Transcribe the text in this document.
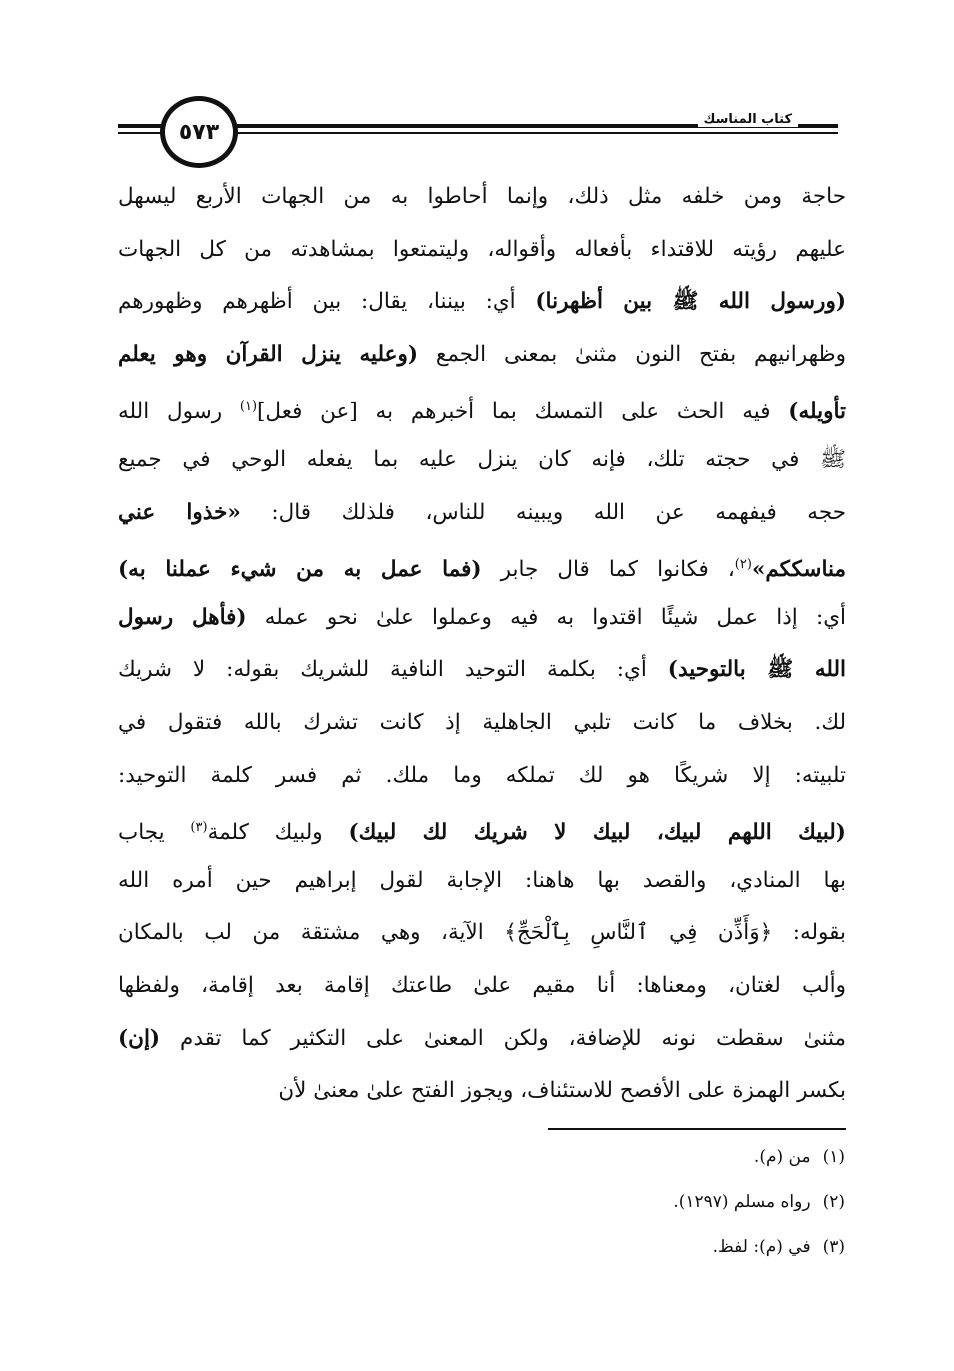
كتاب المناسك
٥٧٣
حاجة ومن خلفه مثل ذلك، وإنما أحاطوا به من الجهات الأربع ليسهل
عليهم رؤيته للاقتداء بأفعاله وأقواله، وليتمتعوا بمشاهدته من كل الجهات
(ورسول الله ﷺ بين أظهرنا) أي: بيننا، يقال: بين أظهرهم وظهورهم
وظهرانيهم بفتح النون مثنىٰ بمعنى الجمع (وعليه ينزل القرآن وهو يعلم
تأويله) فيه الحث على التمسك بما أخبرهم به [عن فعل]$^{(١)}$ رسول الله
ﷺ في حجته تلك، فإنه كان ينزل عليه بما يفعله الوحي في جميع
حجه فيفهمه عن الله ويبينه للناس، فلذلك قال: «خذوا عني
مناسككم»$^{(٢)}$، فكانوا كما قال جابر (فما عمل به من شيء عملنا به)
أي: إذا عمل شيئًا اقتدوا به فيه وعملوا علىٰ نحو عمله (فأهل رسول
الله ﷺ بالتوحيد) أي: بكلمة التوحيد النافية للشريك بقوله: لا شريك
لك. بخلاف ما كانت تلبي الجاهلية إذ كانت تشرك بالله فتقول في
تلبيته: إلا شريكًا هو لك تملكه وما ملك. ثم فسر كلمة التوحيد:
(لبيك اللهم لبيك، لبيك لا شريك لك لبيك) ولبيك كلمة$^{(٣)}$ يجاب
بها المنادي، والقصد بها هاهنا: الإجابة لقول إبراهيم حين أمره الله
بقوله: ﴿وَأَذِّن فِي ٱلنَّاسِ بِٱلْحَجِّ﴾ الآية، وهي مشتقة من لب بالمكان
وألب لغتان، ومعناها: أنا مقيم علىٰ طاعتك إقامة بعد إقامة، ولفظها
مثنىٰ سقطت نونه للإضافة، ولكن المعنىٰ على التكثير كما تقدم (إن)
بكسر الهمزة على الأفصح للاستئناف، ويجوز الفتح علىٰ معنىٰ لأن
(١)من (م).
(٢)رواه مسلم (١٢٩٧).
(٣)في (م): لفظ.
